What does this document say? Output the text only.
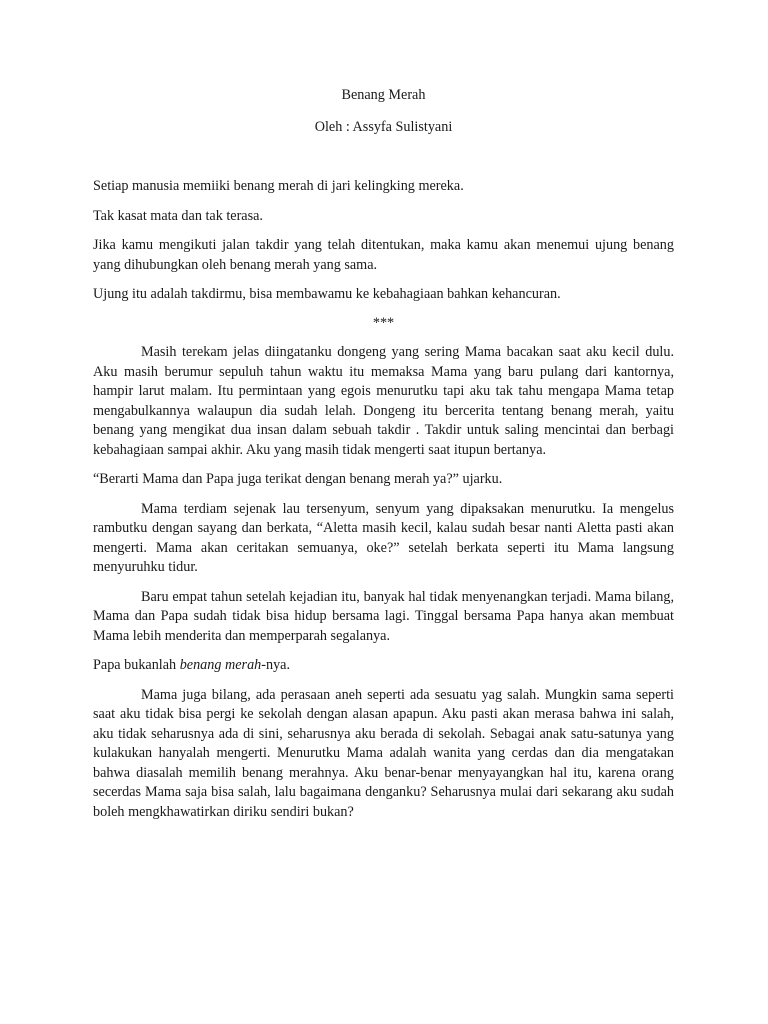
Benang Merah

Oleh : Assyfa Sulistyani

Setiap manusia memiiki benang merah di jari kelingking mereka.

Tak kasat mata dan tak terasa.

Jika kamu mengikuti jalan takdir yang telah ditentukan, maka kamu akan menemui ujung benang yang dihubungkan oleh benang merah yang sama.

Ujung itu adalah takdirmu, bisa membawamu ke kebahagiaan bahkan kehancuran.

***

Masih terekam jelas diingatanku dongeng yang sering Mama bacakan saat aku kecil dulu. Aku masih berumur sepuluh tahun waktu itu memaksa Mama yang baru pulang dari kantornya, hampir larut malam. Itu permintaan yang egois menurutku tapi aku tak tahu mengapa Mama tetap mengabulkannya walaupun dia sudah lelah. Dongeng itu bercerita tentang benang merah, yaitu benang yang mengikat dua insan dalam sebuah takdir . Takdir untuk saling mencintai dan berbagi kebahagiaan sampai akhir. Aku yang masih tidak mengerti saat itupun bertanya.

“Berarti Mama dan Papa juga terikat dengan benang merah ya?” ujarku.

Mama terdiam sejenak lau tersenyum, senyum yang dipaksakan menurutku. Ia mengelus rambutku dengan sayang dan berkata, “Aletta masih kecil, kalau sudah besar nanti Aletta pasti akan mengerti. Mama akan ceritakan semuanya, oke?” setelah berkata seperti itu Mama langsung menyuruhku tidur.

Baru empat tahun setelah kejadian itu, banyak hal tidak menyenangkan terjadi. Mama bilang, Mama dan Papa sudah tidak bisa hidup bersama lagi. Tinggal bersama Papa hanya akan membuat Mama lebih menderita dan memperparah segalanya.

Papa bukanlah benang merah-nya.

Mama juga bilang, ada perasaan aneh seperti ada sesuatu yag salah. Mungkin sama seperti saat aku tidak bisa pergi ke sekolah dengan alasan apapun. Aku pasti akan merasa bahwa ini salah, aku tidak seharusnya ada di sini, seharusnya aku berada di sekolah. Sebagai anak satu-satunya yang kulakukan hanyalah mengerti. Menurutku Mama adalah wanita yang cerdas dan dia mengatakan bahwa diasalah memilih benang merahnya. Aku benar-benar menyayangkan hal itu, karena orang secerdas Mama saja bisa salah, lalu bagaimana denganku? Seharusnya mulai dari sekarang aku sudah boleh mengkhawatirkan diriku sendiri bukan?
